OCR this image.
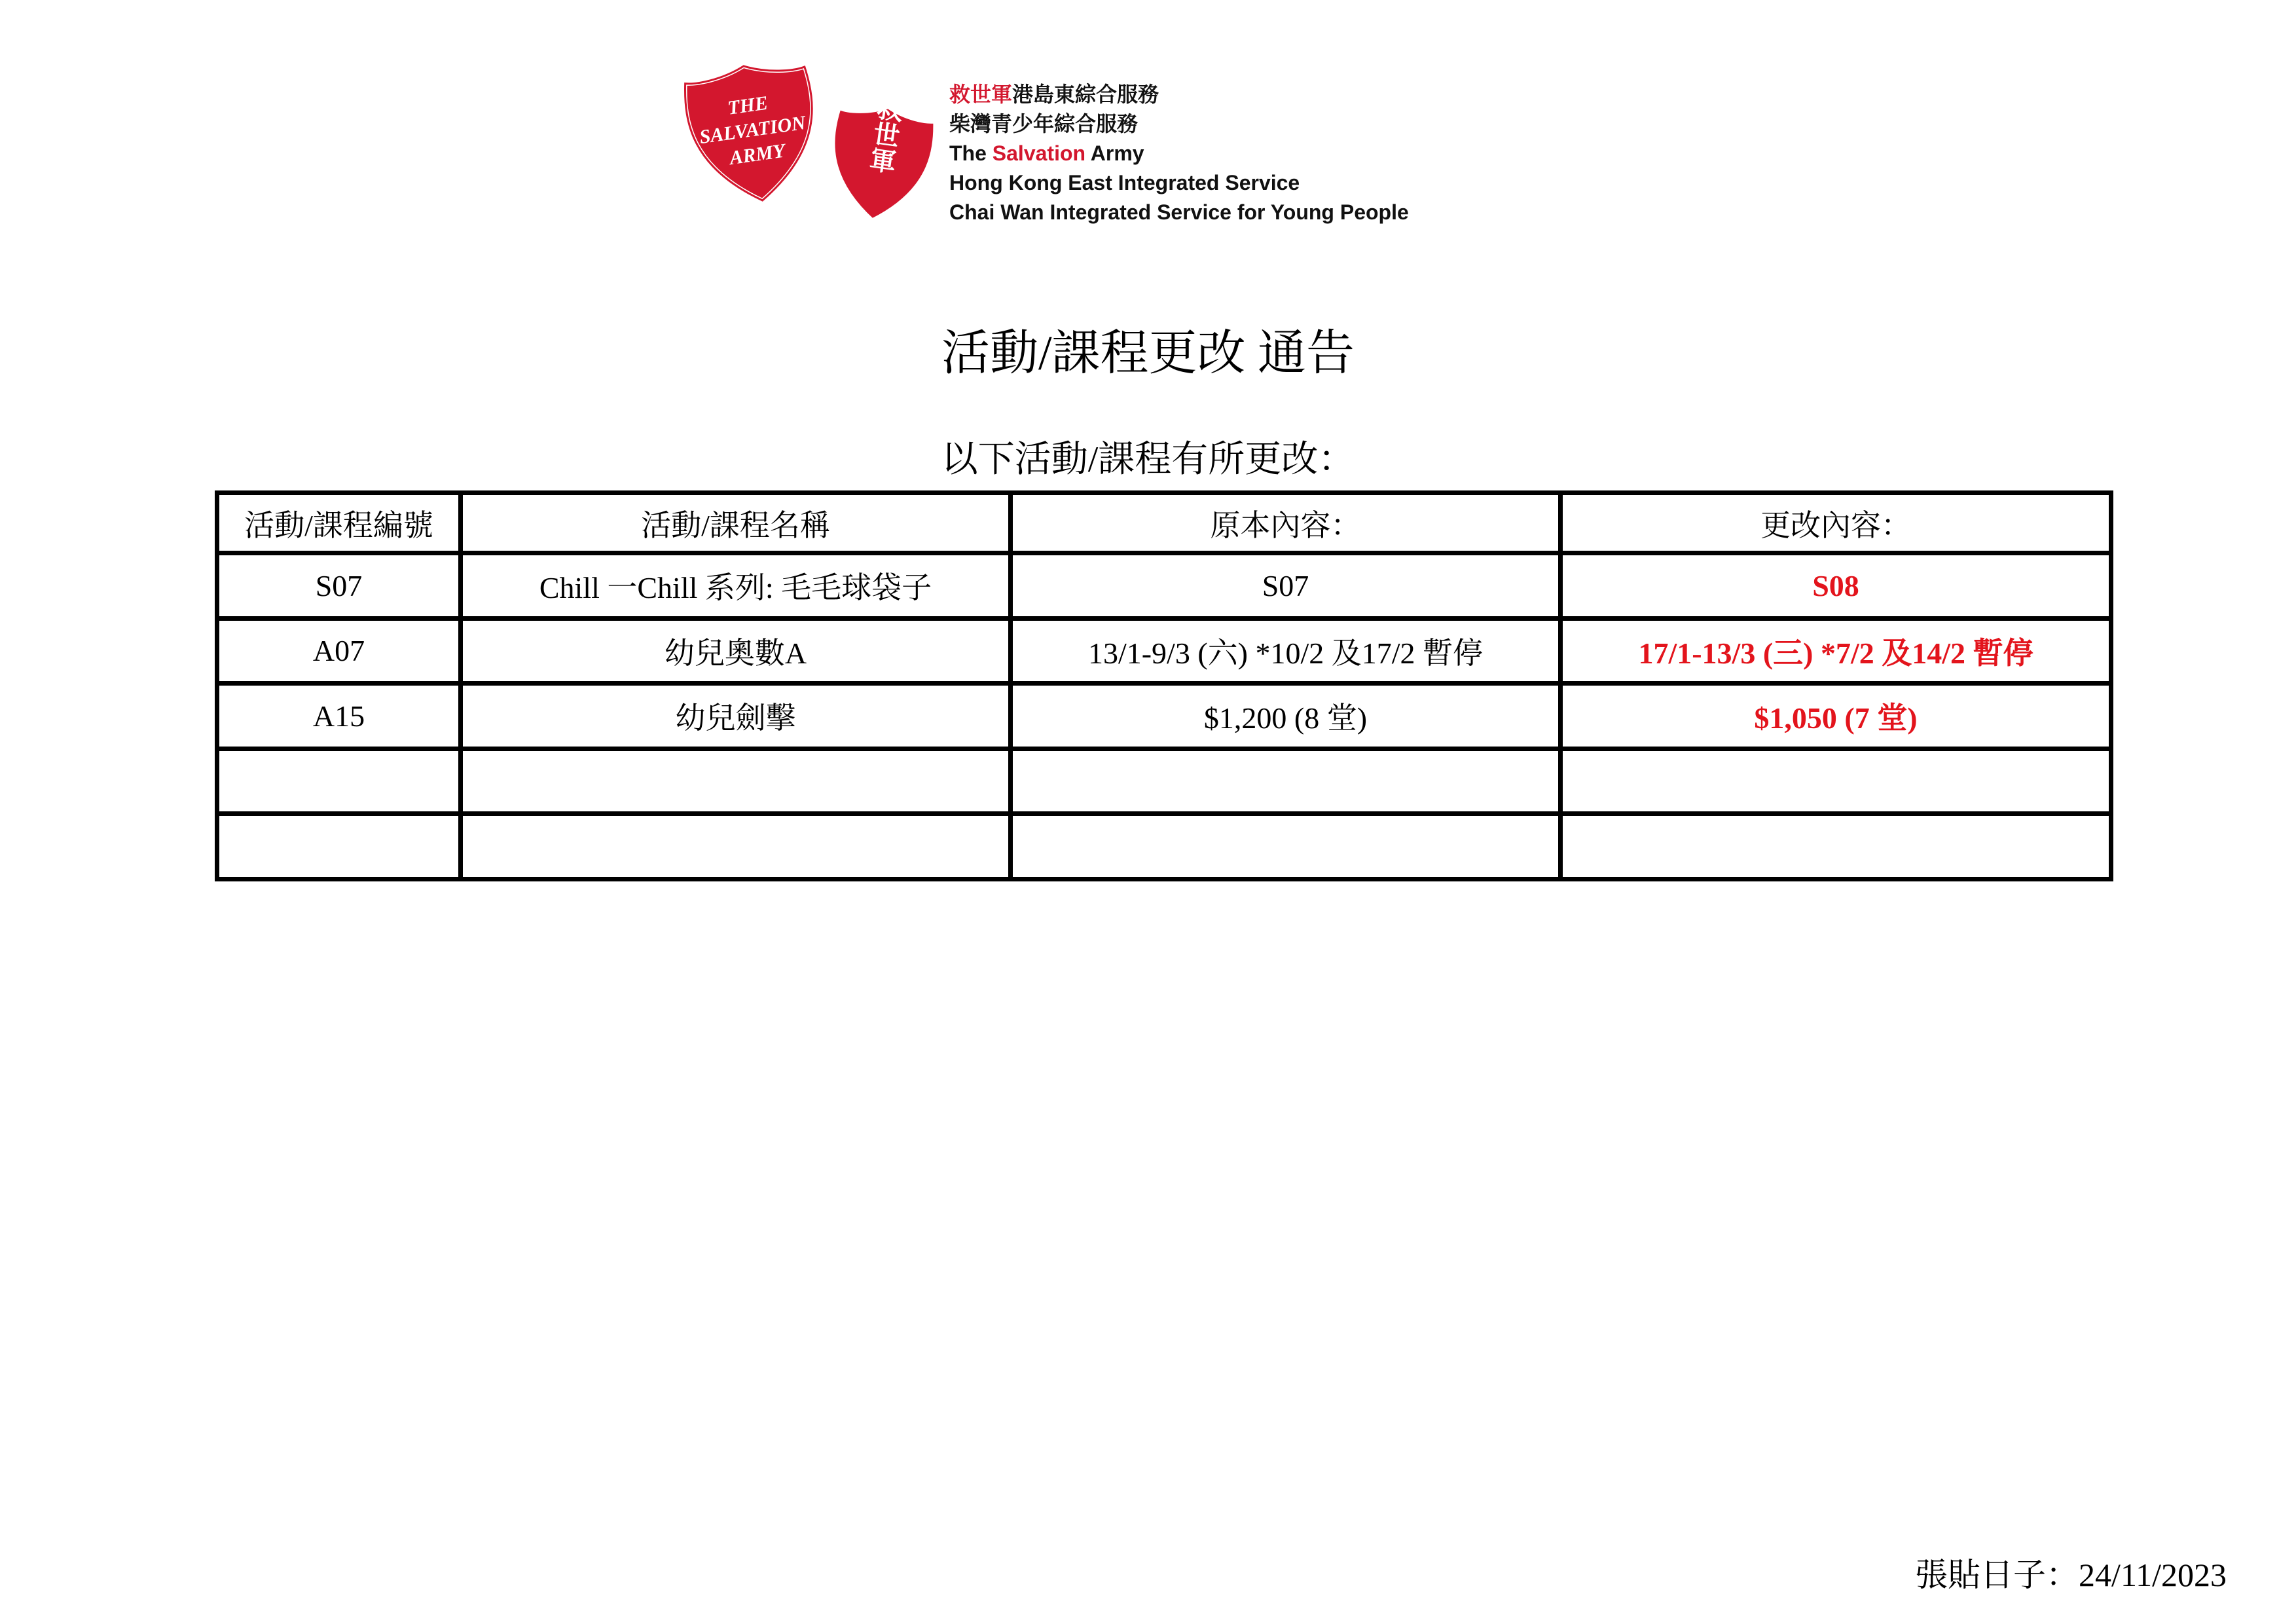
THE
SALVATION
ARMY	救世軍 救世軍港島東綜合服務
柴灣青少年綜合服務
The Salvation Army
Hong Kong East Integrated Service
Chai Wan Integrated Service for Young People
活動/課程更改 通告
以下活動/課程有所更改：
活動/課程編號	活動/課程名稱	原本內容：	更改內容：
S07	Chill 一Chill 系列: 毛毛球袋子	S07	S08
A07	幼兒奧數A	13/1-9/3 (六) *10/2 及17/2 暫停	17/1-13/3 (三) *7/2 及14/2 暫停
A15	幼兒劍擊	$1,200 (8 堂)	$1,050 (7 堂)

張貼日子：24/11/2023
